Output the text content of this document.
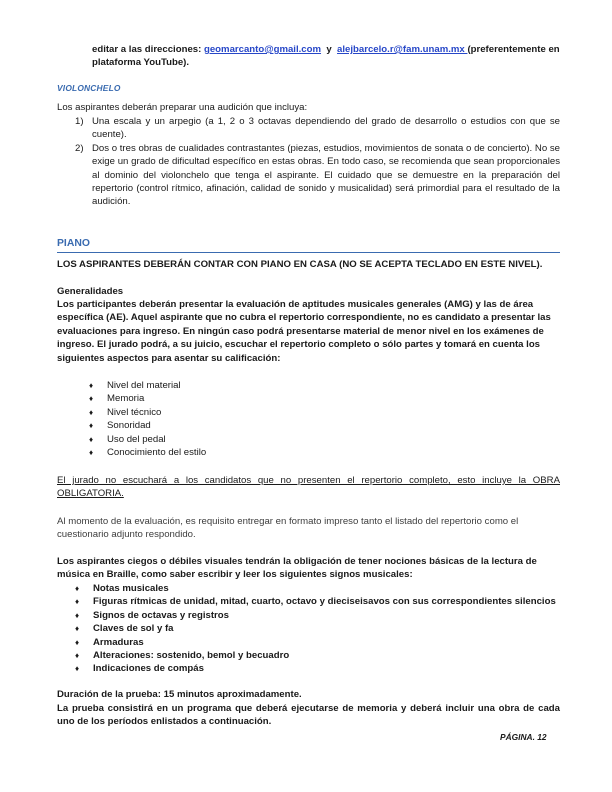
editar a las direcciones: geomarcanto@gmail.com  y  alejbarcelo.r@fam.unam.mx (preferentemente en plataforma YouTube).
VIOLONCHELO
Los aspirantes deberán preparar una audición que incluya:
1) Una escala y un arpegio (a 1, 2 o 3 octavas dependiendo del grado de desarrollo o estudios con que se cuente).
2) Dos o tres obras de cualidades contrastantes (piezas, estudios, movimientos de sonata o de concierto). No se exige un grado de dificultad específico en estas obras. En todo caso, se recomienda que sean proporcionales al dominio del violonchelo que tenga el aspirante. El cuidado que se demuestre en la preparación del repertorio (control rítmico, afinación, calidad de sonido y musicalidad) será primordial para el resultado de la audición.
PIANO
LOS ASPIRANTES DEBERÁN CONTAR CON PIANO EN CASA (NO SE ACEPTA TECLADO EN ESTE NIVEL).
Generalidades
Los participantes deberán presentar la evaluación de aptitudes musicales generales (AMG) y las de área específica (AE). Aquel aspirante que no cubra el repertorio correspondiente, no es candidato a presentar las evaluaciones para ingreso. En ningún caso podrá presentarse material de menor nivel en los exámenes de ingreso. El jurado podrá, a su juicio, escuchar el repertorio completo o sólo partes y tomará en cuenta los siguientes aspectos para asentar su calificación:
♦ Nivel del material
♦ Memoria
♦ Nivel técnico
♦ Sonoridad
♦ Uso del pedal
♦ Conocimiento del estilo
El jurado no escuchará a los candidatos que no presenten el repertorio completo, esto incluye la OBRA OBLIGATORIA.
Al momento de la evaluación, es requisito entregar en formato impreso tanto el listado del repertorio como el cuestionario adjunto respondido.
Los aspirantes ciegos o débiles visuales tendrán la obligación de tener nociones básicas de la lectura de música en Braille, como saber escribir y leer los siguientes signos musicales:
♦ Notas musicales
♦ Figuras rítmicas de unidad, mitad, cuarto, octavo y dieciseisavos con sus correspondientes silencios
♦ Signos de octavas y registros
♦ Claves de sol y fa
♦ Armaduras
♦ Alteraciones: sostenido, bemol y becuadro
♦ Indicaciones de compás
Duración de la prueba: 15 minutos aproximadamente.
La prueba consistirá en un programa que deberá ejecutarse de memoria y deberá incluir una obra de cada uno de los períodos enlistados a continuación.
PÁGINA. 12
